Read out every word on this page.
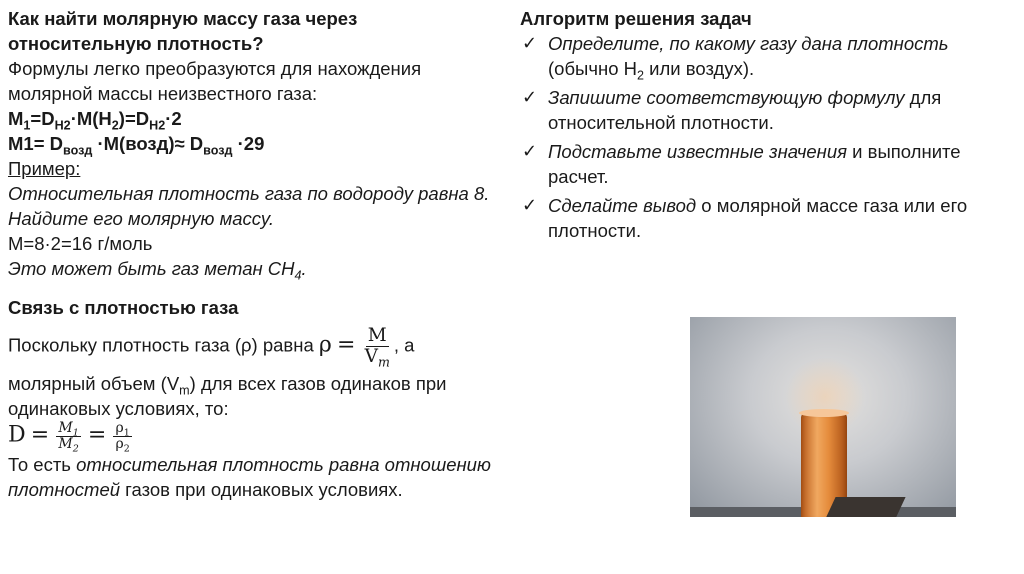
Как найти молярную массу газа через
относительную плотность?

Формулы легко преобразуются для нахождения молярной массы неизвестного газа:

$M_1=D_{H2}\cdot M(H_2)=D_{H2}\cdot 2$

$M1= D_{возд}$ ·M(возд)≈ $D_{возд} \cdot 29$

Пример:

Относительная плотность газа по водороду равна 8. Найдите его молярную массу.

М=8·2=16 г/моль

Это может быть газ метан $CH_4$.

Связь с плотностью газа

Поскольку плотность газа (ρ) равна $\rho = \frac{M}{V_m}$ , а

молярный объем $(V_m)$ для всех газов одинаков при одинаковых условиях, то:

$D = \frac{M_1}{M_2} = \frac{\rho_1}{\rho_2}$

То есть относительная плотность равна отношению плотностей газов при одинаковых условиях.

Алгоритм решения задач

✓ Определите, по какому газу дана плотность (обычно $H_2$ или воздух).
✓ Запишите соответствующую формулу для относительной плотности.
✓ Подставьте известные значения и выполните расчет.
✓ Сделайте вывод о молярной массе газа или его плотности.
